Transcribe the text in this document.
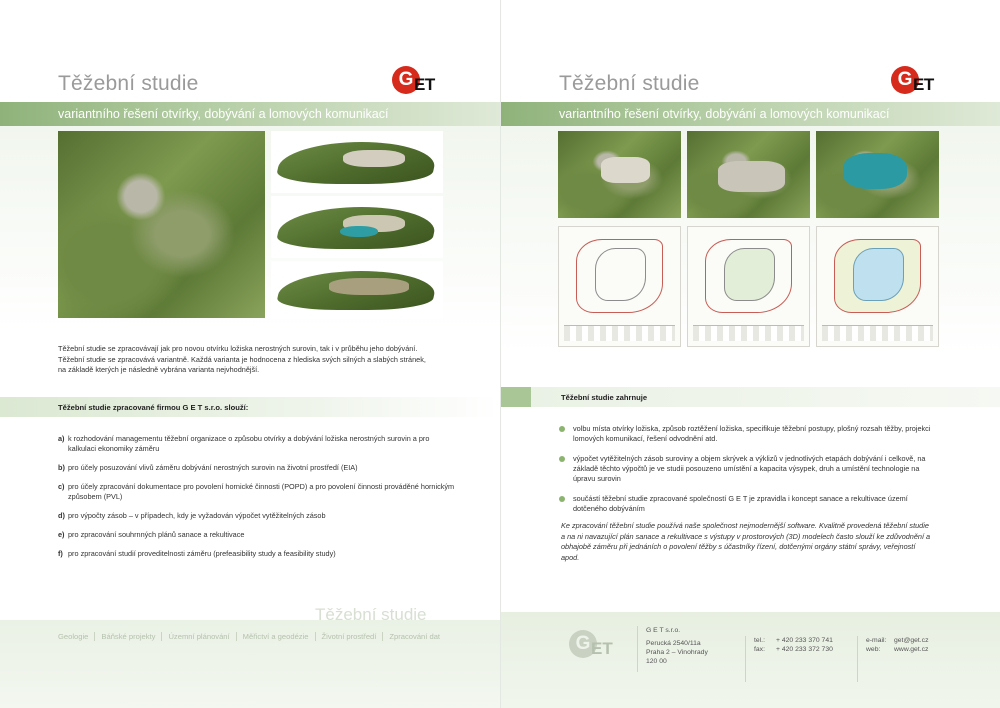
Těžební studie	G ET
variantního řešení otvírky, dobývání a lomových komunikací
Těžební studie se zpracovávají jak pro novou otvírku ložiska nerostných surovin, tak i v průběhu jeho dobývání.
Těžební studie se zpracovává variantně. Každá varianta je hodnocena z hlediska svých silných a slabých stránek,
na základě kterých je následně vybrána varianta nejvhodnější.
Těžební studie zpracované firmou G E T s.r.o. slouží:
a) k rozhodování managementu těžební organizace o způsobu otvírky a dobývání ložiska nerostných surovin a pro kalkulaci ekonomiky záměru
b) pro účely posuzování vlivů záměru dobývání nerostných surovin na životní prostředí (EIA)
c) pro účely zpracování dokumentace pro povolení hornické činnosti (POPD) a pro povolení činnosti prováděné hornickým způsobem (PVL)
d) pro výpočty zásob – v případech, kdy je vyžadován výpočet vytěžitelných zásob
e) pro zpracování souhrnných plánů sanace a rekultivace
f) pro zpracování studií proveditelnosti záměru (prefeasibility study a feasibility study)
Těžební studie
Geologie	Báňské projekty	Územní plánování	Měřictví a geodézie	Životní prostředí	Zpracování dat
Těžební studie	G ET
variantního řešení otvírky, dobývání a lomových komunikací
Těžební studie zahrnuje
volbu místa otvírky ložiska, způsob roztěžení ložiska, specifikuje těžební postupy, plošný rozsah těžby, projekci lomových komunikací, řešení odvodnění atd.
výpočet vytěžitelných zásob suroviny a objem skrývek a výklizů v jednotlivých etapách dobývání i celkově, na základě těchto výpočtů je ve studii posouzeno umístění a kapacita výsypek, druh a umístění technologie na úpravu surovin
součástí těžební studie zpracované společností G E T je zpravidla i koncept sanace a rekultivace území dotčeného dobýváním
Ke zpracování těžební studie používá naše společnost nejmodernější software. Kvalitně provedená těžební studie a na ni navazující plán sanace a rekultivace s výstupy v prostorových (3D) modelech často slouží ke zdůvodnění a obhajobě záměru při jednáních o povolení těžby s účastníky řízení, dotčenými orgány státní správy, veřejností apod.
G ET
G E T s.r.o.
Perucká 2540/11a
Praha 2 – Vinohrady
120 00
tel.:	+ 420 233 370 741
fax:	+ 420 233 372 730
e-mail:	get@get.cz
web:	www.get.cz
